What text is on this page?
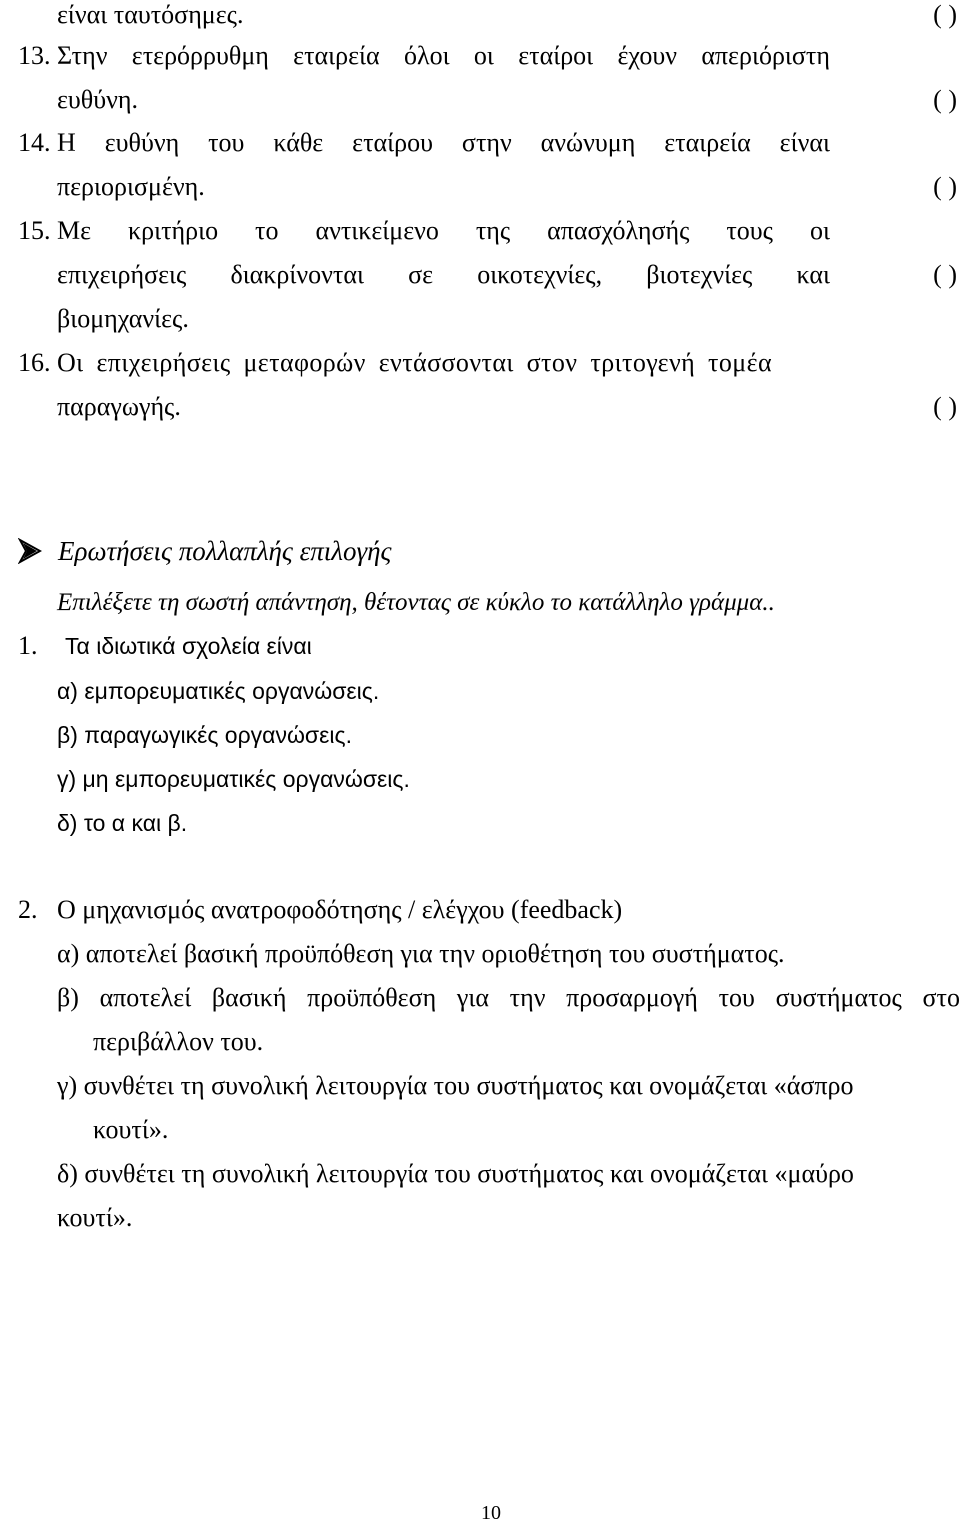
είναι ταυτόσημες.	( )
13. Στην ετερόρρυθμη εταιρεία όλοι οι εταίροι έχουν απεριόριστη
ευθύνη.	( )
14. Η ευθύνη του κάθε εταίρου στην ανώνυμη εταιρεία είναι
περιορισμένη.	( )
15. Με κριτήριο το αντικείμενο της απασχόλησής τους οι
επιχειρήσεις διακρίνονται σε οικοτεχνίες, βιοτεχνίες και	( )
βιομηχανίες.
16. Οι επιχειρήσεις μεταφορών εντάσσονται στον τριτογενή τομέα
παραγωγής.	( )
Ερωτήσεις πολλαπλής επιλογής
Επιλέξετε τη σωστή απάντηση, θέτοντας σε κύκλο το κατάλληλο γράμμα..
1. Τα ιδιωτικά σχολεία είναι
α) εμπορευματικές οργανώσεις.
β) παραγωγικές οργανώσεις.
γ) μη εμπορευματικές οργανώσεις.
δ) το α και β.
2. Ο μηχανισμός ανατροφοδότησης / ελέγχου (feedback)
α) αποτελεί βασική προϋπόθεση για την οριοθέτηση του συστήματος.
β) αποτελεί βασική προϋπόθεση για την προσαρμογή του συστήματος στο
περιβάλλον του.
γ) συνθέτει τη συνολική λειτουργία του συστήματος και ονομάζεται «άσπρο
κουτί».
δ) συνθέτει τη συνολική λειτουργία του συστήματος και ονομάζεται «μαύρο
κουτί».
10
